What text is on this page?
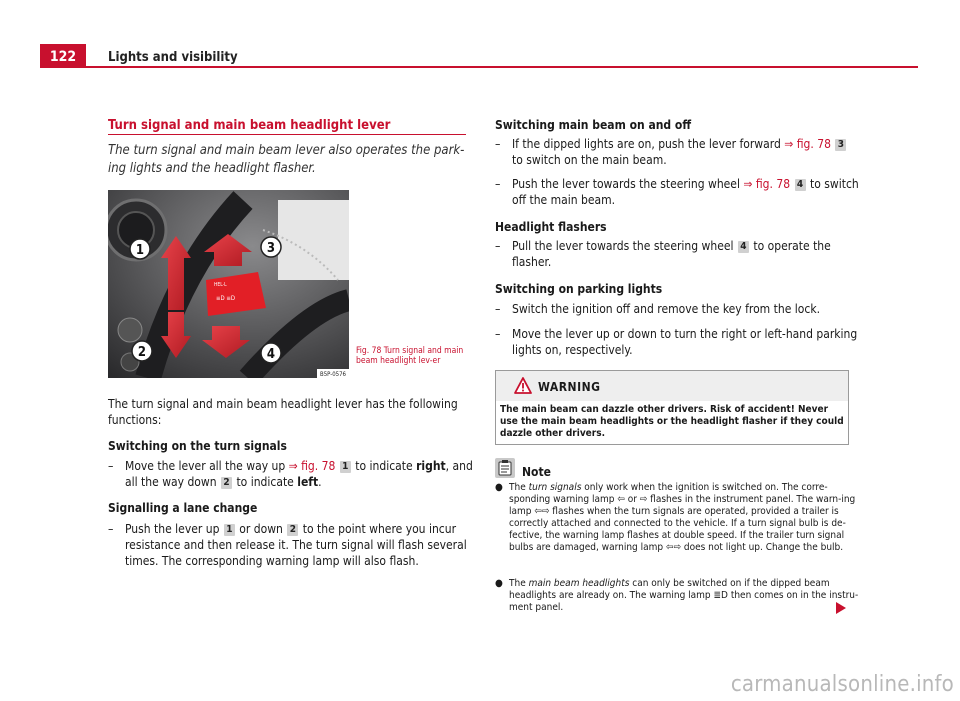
122	Lights and visibility
Turn signal and main beam headlight lever
The turn signal and main beam lever also operates the park-ing lights and the headlight flasher.
HEL·L
≡D ≡D
1
2
3
4
B5P-0576
Fig. 78 Turn signal and main beam headlight lev-er
The turn signal and main beam headlight lever has the following functions:
Switching on the turn signals
– Move the lever all the way up ⇒ fig. 78 1 to indicate right, and all the way down 2 to indicate left.
Signalling a lane change
– Push the lever up 1 or down 2 to the point where you incur resistance and then release it. The turn signal will flash several times. The corresponding warning lamp will also flash.
Switching main beam on and off
– If the dipped lights are on, push the lever forward ⇒ fig. 78 3
to switch on the main beam.
– Push the lever towards the steering wheel ⇒ fig. 78 4 to switch off the main beam.
Headlight flashers
– Pull the lever towards the steering wheel 4 to operate the flasher.
Switching on parking lights
– Switch the ignition off and remove the key from the lock.
– Move the lever up or down to turn the right or left-hand parking lights on, respectively.
WARNING
The main beam can dazzle other drivers. Risk of accident! Never use the main beam headlights or the headlight flasher if they could dazzle other drivers.
Note
● The turn signals only work when the ignition is switched on. The corre-sponding warning lamp ⇦ or ⇨ flashes in the instrument panel. The warn-ing lamp ⇦⇨ flashes when the turn signals are operated, provided a trailer is correctly attached and connected to the vehicle. If a turn signal bulb is de-fective, the warning lamp flashes at double speed. If the trailer turn signal bulbs are damaged, warning lamp ⇦⇨ does not light up. Change the bulb.
● The main beam headlights can only be switched on if the dipped beam headlights are already on. The warning lamp ≣D then comes on in the instru-ment panel.
carmanualsonline.info
